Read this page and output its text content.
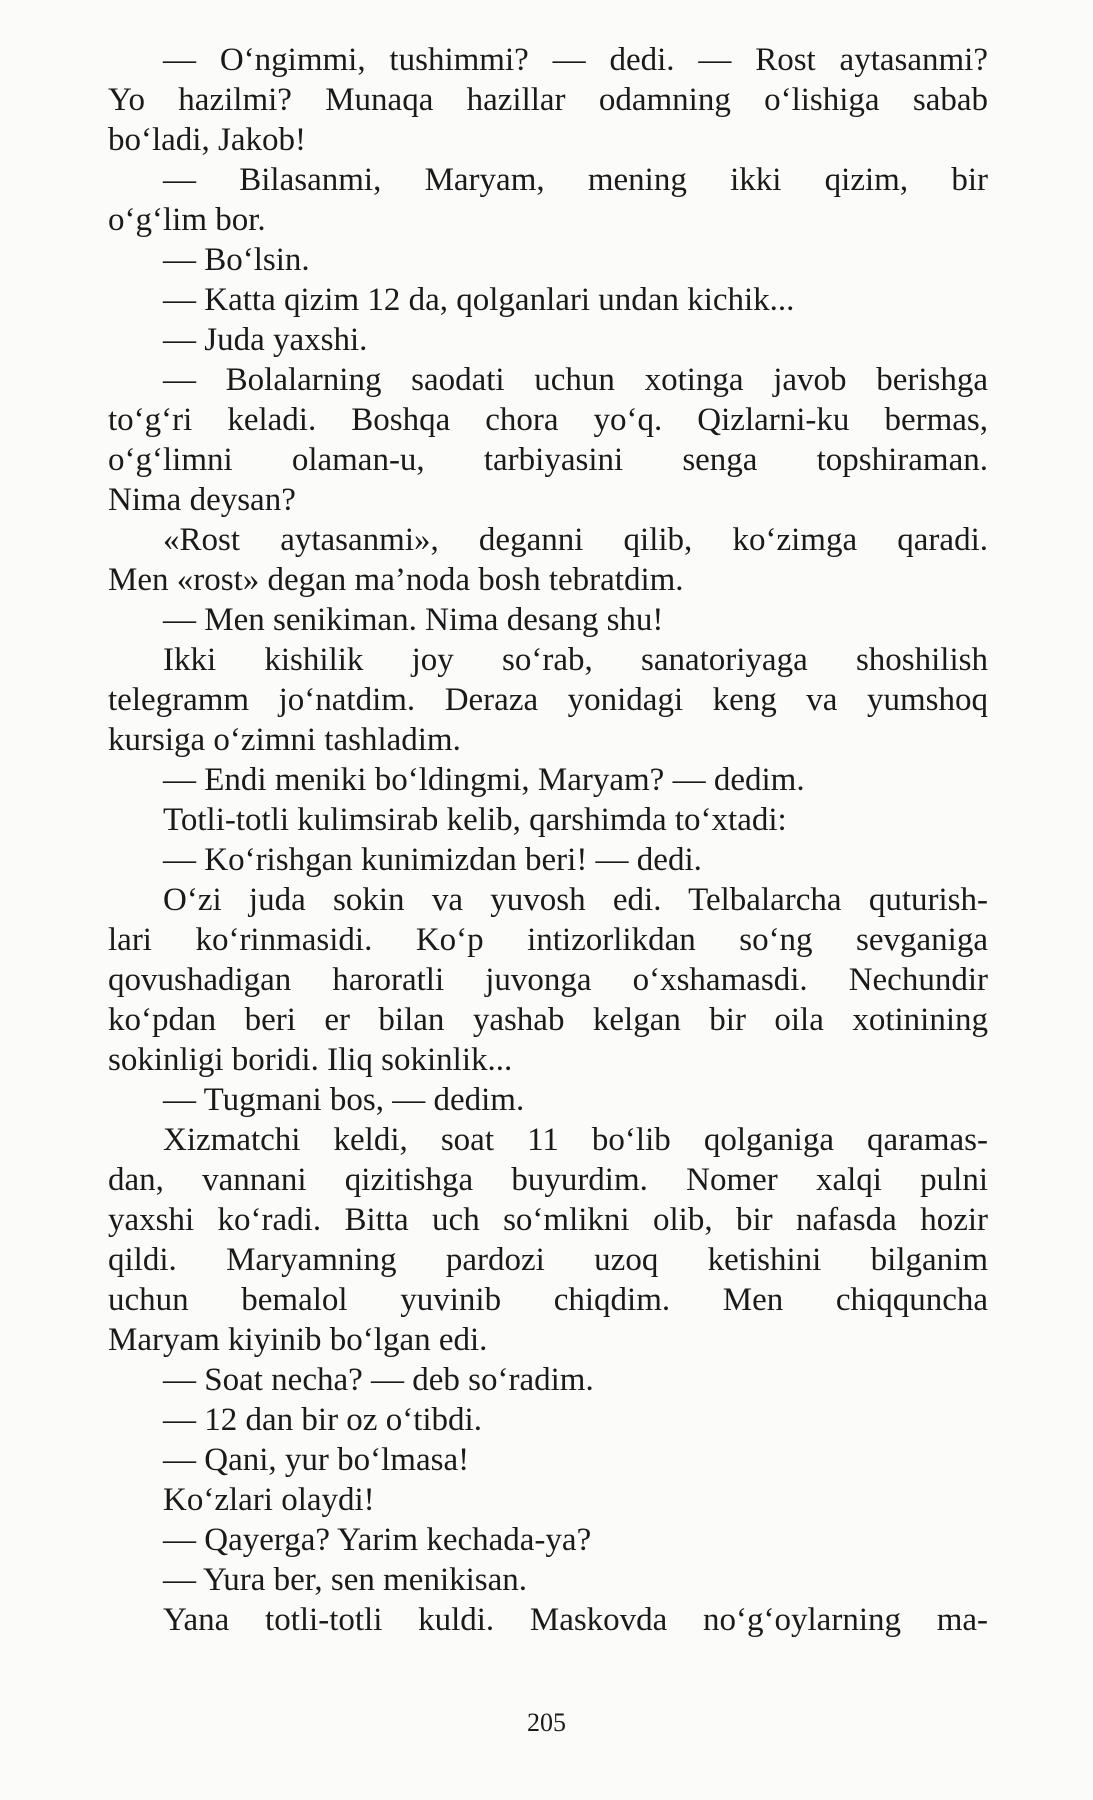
— O‘ngimmi, tushimmi? — dedi. — Rost aytasanmi?
Yo hazilmi? Munaqa hazillar odamning o‘lishiga sabab
bo‘ladi, Jakob!
— Bilasanmi, Maryam, mening ikki qizim, bir
o‘g‘lim bor.
— Bo‘lsin.
— Katta qizim 12 da, qolganlari undan kichik...
— Juda yaxshi.
— Bolalarning saodati uchun xotinga javob berishga
to‘g‘ri keladi. Boshqa chora yo‘q. Qizlarni-ku bermas,
o‘g‘limni olaman-u, tarbiyasini senga topshiraman.
Nima deysan?
«Rost aytasanmi», deganni qilib, ko‘zimga qaradi.
Men «rost» degan ma’noda bosh tebratdim.
— Men senikiman. Nima desang shu!
Ikki kishilik joy so‘rab, sanatoriyaga shoshilish
telegramm jo‘natdim. Deraza yonidagi keng va yumshoq
kursiga o‘zimni tashladim.
— Endi meniki bo‘ldingmi, Maryam? — dedim.
Totli-totli kulimsirab kelib, qarshimda to‘xtadi:
— Ko‘rishgan kunimizdan beri! — dedi.
O‘zi juda sokin va yuvosh edi. Telbalarcha quturish-
lari ko‘rinmasidi. Ko‘p intizorlikdan so‘ng sevganiga
qovushadigan haroratli juvonga o‘xshamasdi. Nechundir
ko‘pdan beri er bilan yashab kelgan bir oila xotinining
sokinligi boridi. Iliq sokinlik...
— Tugmani bos, — dedim.
Xizmatchi keldi, soat 11 bo‘lib qolganiga qaramas-
dan, vannani qizitishga buyurdim. Nomer xalqi pulni
yaxshi ko‘radi. Bitta uch so‘mlikni olib, bir nafasda hozir
qildi. Maryamning pardozi uzoq ketishini bilganim
uchun bemalol yuvinib chiqdim. Men chiqquncha
Maryam kiyinib bo‘lgan edi.
— Soat necha? — deb so‘radim.
— 12 dan bir oz o‘tibdi.
— Qani, yur bo‘lmasa!
Ko‘zlari olaydi!
— Qayerga? Yarim kechada-ya?
— Yura ber, sen menikisan.
Yana totli-totli kuldi. Maskovda no‘g‘oylarning ma-
205
